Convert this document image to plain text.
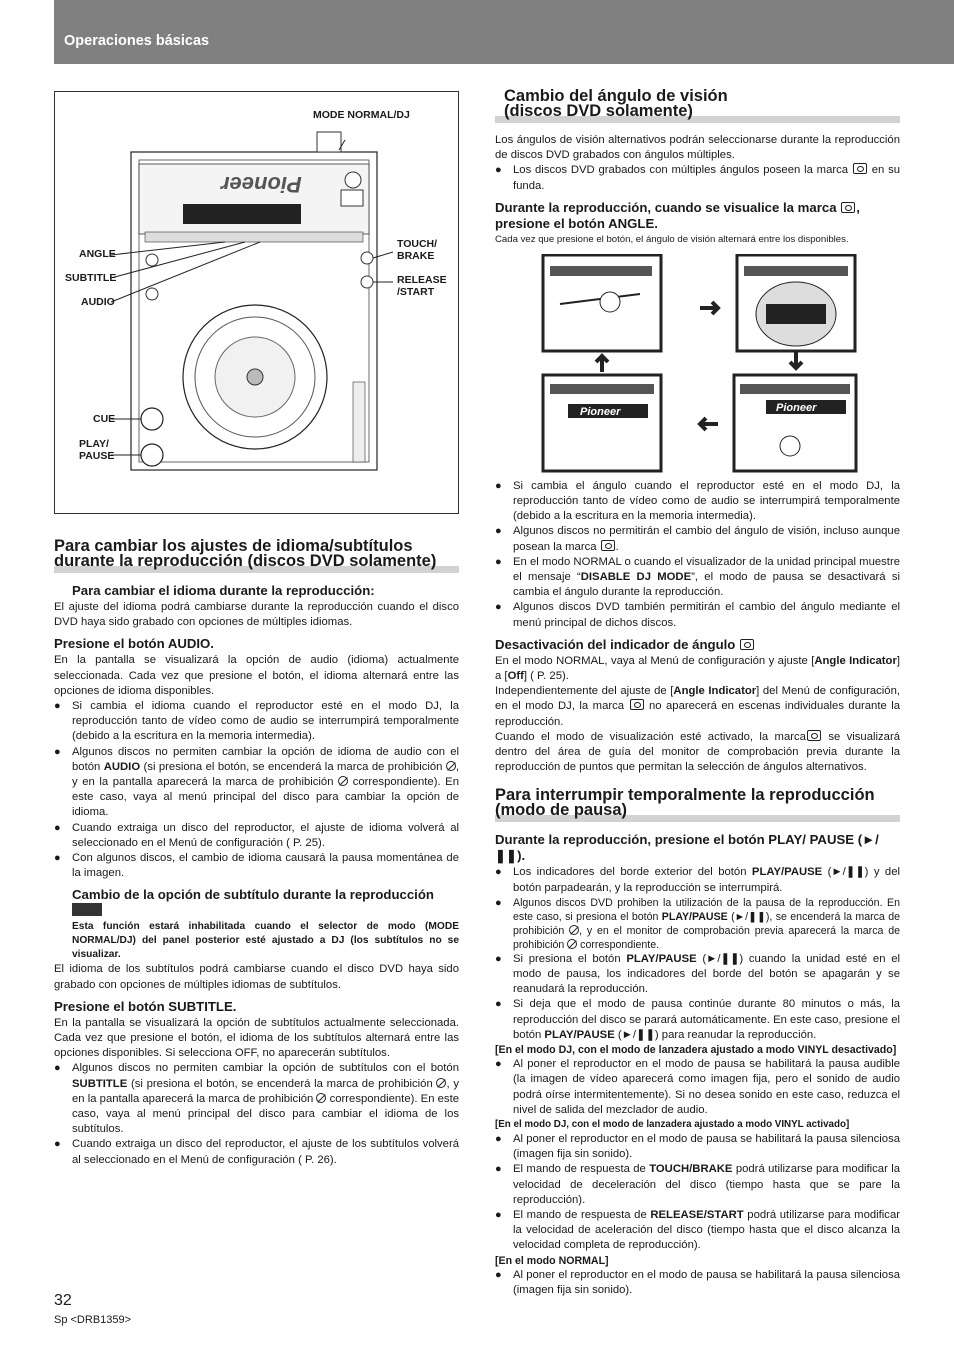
Operaciones básicas
MODE NORMAL/DJ
ANGLE
SUBTITLE
AUDIO
TOUCH/ BRAKE
RELEASE /START
CUE
PLAY/ PAUSE
Pioneer
Para cambiar los ajustes de idioma/subtítulos
durante la reproducción (discos DVD solamente)
Para cambiar el idioma durante la reproducción:
El ajuste del idioma podrá cambiarse durante la reproducción cuando el disco DVD haya sido grabado con opciones de múltiples idiomas.
Presione el botón AUDIO.
En la pantalla se visualizará la opción de audio (idioma) actualmente seleccionada. Cada vez que presione el botón, el idioma alternará entre las opciones de idioma disponibles.
● Si cambia el idioma cuando el reproductor esté en el modo DJ, la reproducción tanto de vídeo como de audio se interrumpirá temporalmente (debido a la escritura en la memoria intermedia).
● Algunos discos no permiten cambiar la opción de idioma de audio con el botón AUDIO (si presiona el botón, se encenderá la marca de prohibición , y en la pantalla aparecerá la marca de prohibición correspondiente). En este caso, vaya al menú principal del disco para cambiar la opción de idioma.
● Cuando extraiga un disco del reproductor, el ajuste de idioma volverá al seleccionado en el Menú de configuración ( P. 25).
● Con algunos discos, el cambio de idioma causará la pausa momentánea de la imagen.
Cambio de la opción de subtítulo durante la reproducción
Esta función estará inhabilitada cuando el selector de modo (MODE NORMAL/DJ) del panel posterior esté ajustado a DJ (los subtítulos no se visualizar.
El idioma de los subtítulos podrá cambiarse cuando el disco DVD haya sido grabado con opciones de múltiples idiomas de subtítulos.
Presione el botón SUBTITLE.
En la pantalla se visualizará la opción de subtítulos actualmente seleccionada. Cada vez que presione el botón, el idioma de los subtítulos alternará entre las opciones disponibles. Si selecciona OFF, no aparecerán subtítulos.
● Algunos discos no permiten cambiar la opción de subtítulos con el botón SUBTITLE (si presiona el botón, se encenderá la marca de prohibición , y en la pantalla aparecerá la marca de prohibición correspondiente). En este caso, vaya al menú principal del disco para cambiar el idioma de los subtítulos.
● Cuando extraiga un disco del reproductor, el ajuste de los subtítulos volverá al seleccionado en el Menú de configuración ( P. 26).
Cambio del ángulo de visión
(discos DVD solamente)
Los ángulos de visión alternativos podrán seleccionarse durante la reproducción de discos DVD grabados con ángulos múltiples.
● Los discos DVD grabados con múltiples ángulos poseen la marca en su funda.
Durante la reproducción, cuando se visualice la marca , presione el botón ANGLE.
Cada vez que presione el botón, el ángulo de visión alternará entre los disponibles.
● Si cambia el ángulo cuando el reproductor esté en el modo DJ, la reproducción tanto de vídeo como de audio se interrumpirá temporalmente (debido a la escritura en la memoria intermedia).
● Algunos discos no permitirán el cambio del ángulo de visión, incluso aunque posean la marca .
● En el modo NORMAL o cuando el visualizador de la unidad principal muestre el mensaje “DISABLE DJ MODE”, el modo de pausa se desactivará si cambia el ángulo durante la reproducción.
● Algunos discos DVD también permitirán el cambio del ángulo mediante el menú principal de dichos discos.
Desactivación del indicador de ángulo
En el modo NORMAL, vaya al Menú de configuración y ajuste [Angle Indicator] a [Off] ( P. 25).
Independientemente del ajuste de [Angle Indicator] del Menú de configuración, en el modo DJ, la marca no aparecerá en escenas individuales durante la reproducción.
Cuando el modo de visualización esté activado, la marca se visualizará dentro del área de guía del monitor de comprobación previa durante la reproducción de puntos que permitan la selección de ángulos alternativos.
Para interrumpir temporalmente la reproducción
(modo de pausa)
Durante la reproducción, presione el botón PLAY/ PAUSE (►/❚❚).
● Los indicadores del borde exterior del botón PLAY/PAUSE (►/❚❚) y del botón parpadearán, y la reproducción se interrumpirá.
● Algunos discos DVD prohiben la utilización de la pausa de la reproducción. En este caso, si presiona el botón PLAY/PAUSE (►/❚❚), se encenderá la marca de prohibición , y en el monitor de comprobación previa aparecerá la marca de prohibición correspondiente.
● Si presiona el botón PLAY/PAUSE (►/❚❚) cuando la unidad esté en el modo de pausa, los indicadores del borde del botón se apagarán y se reanudará la reproducción.
● Si deja que el modo de pausa continúe durante 80 minutos o más, la reproducción del disco se parará automáticamente. En este caso, presione el botón PLAY/PAUSE (►/❚❚) para reanudar la reproducción.
[En el modo DJ, con el modo de lanzadera ajustado a modo VINYL desactivado]
● Al poner el reproductor en el modo de pausa se habilitará la pausa audible (la imagen de vídeo aparecerá como imagen fija, pero el sonido de audio podrá oírse intermitentemente). Si no desea sonido en este caso, reduzca el nivel de salida del mezclador de audio.
[En el modo DJ, con el modo de lanzadera ajustado a modo VINYL activado]
● Al poner el reproductor en el modo de pausa se habilitará la pausa silenciosa (imagen fija sin sonido).
● El mando de respuesta de TOUCH/BRAKE podrá utilizarse para modificar la velocidad de deceleración del disco (tiempo hasta que se pare la reproducción).
● El mando de respuesta de RELEASE/START podrá utilizarse para modificar la velocidad de aceleración del disco (tiempo hasta que el disco alcanza la velocidad completa de reproducción).
[En el modo NORMAL]
● Al poner el reproductor en el modo de pausa se habilitará la pausa silenciosa (imagen fija sin sonido).
Pioneer	Pioneer
32
Sp <DRB1359>
